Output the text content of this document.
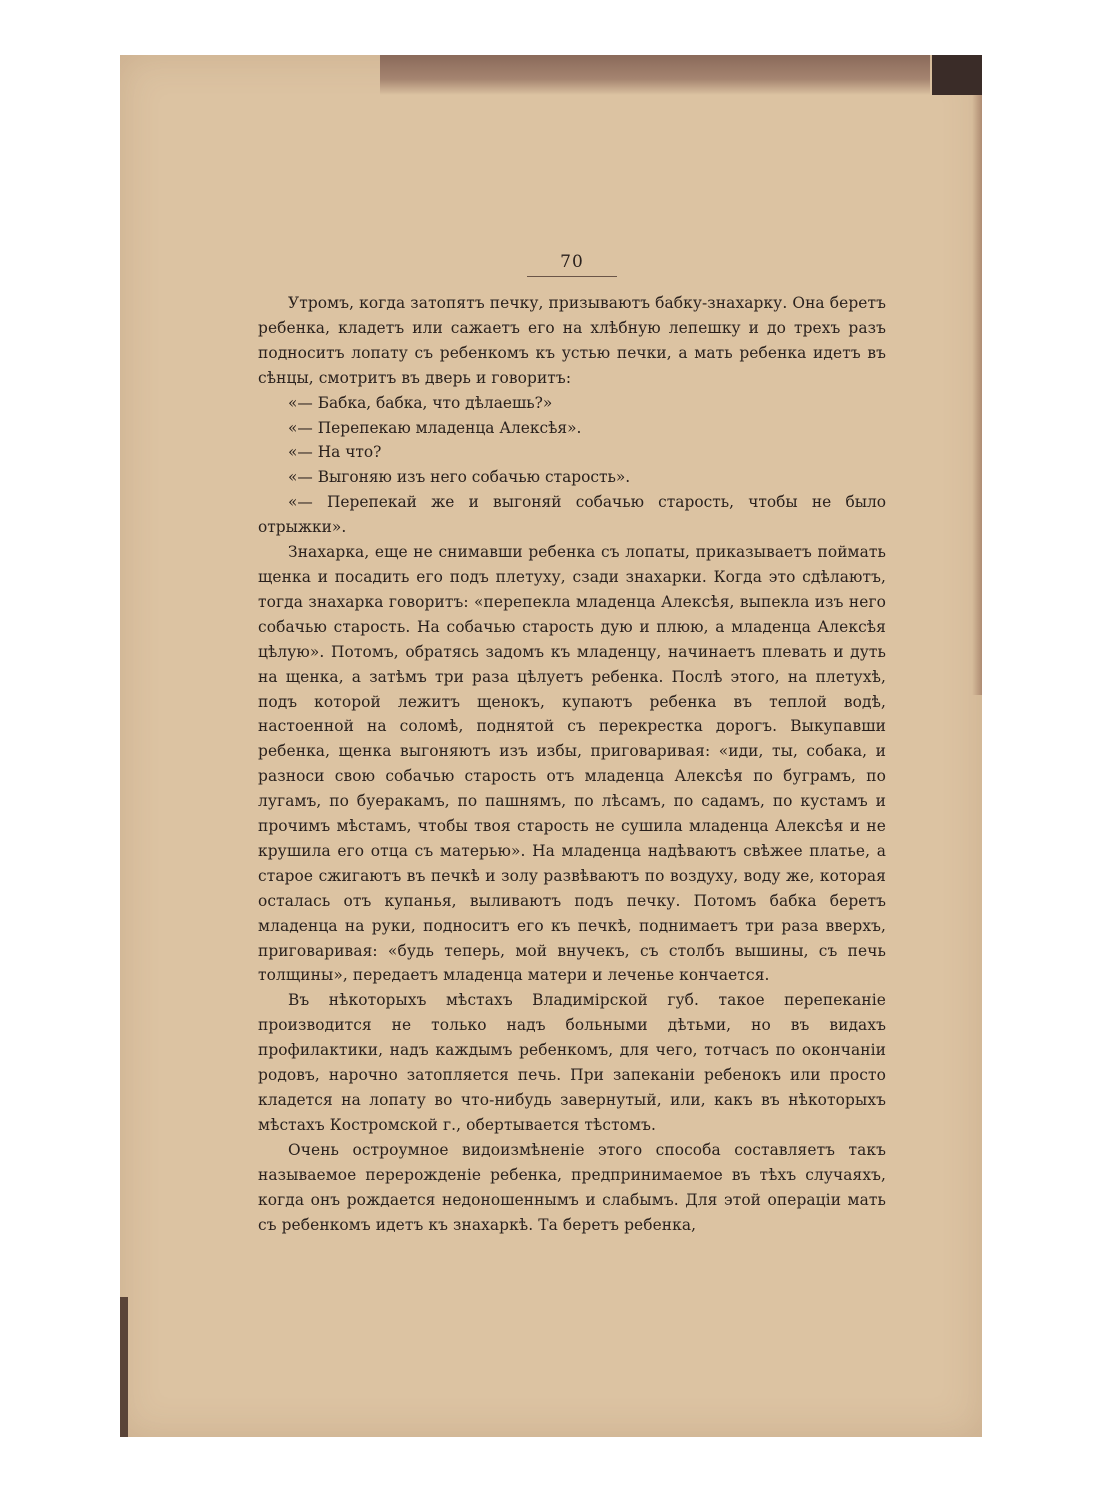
70

Утромъ, когда затопятъ печку, призываютъ бабку-знахарку. Она беретъ ребенка, кладетъ или сажаетъ его на хлѣбную лепешку и до трехъ разъ подноситъ лопату съ ребенкомъ къ устью печки, а мать ребенка идетъ въ сѣнцы, смотритъ въ дверь и говоритъ:

«— Бабка, бабка, что дѣлаешь?»

«— Перепекаю младенца Алексѣя».

«— На что?

«— Выгоняю изъ него собачью старость».

«— Перепекай же и выгоняй собачью старость, чтобы не было отрыжки».

Знахарка, еще не снимавши ребенка съ лопаты, приказываетъ поймать щенка и посадить его подъ плетуху, сзади знахарки. Когда это сдѣлаютъ, тогда знахарка говоритъ: «перепекла младенца Алексѣя, выпекла изъ него собачью старость. На собачью старость дую и плюю, а младенца Алексѣя цѣлую». Потомъ, обратясь задомъ къ младенцу, начинаетъ плевать и дуть на щенка, а затѣмъ три раза цѣлуетъ ребенка. Послѣ этого, на плетухѣ, подъ которой лежитъ щенокъ, купаютъ ребенка въ теплой водѣ, настоенной на соломѣ, поднятой съ перекрестка дорогъ. Выкупавши ребенка, щенка выгоняютъ изъ избы, приговаривая: «иди, ты, собака, и разноси свою собачью старость отъ младенца Алексѣя по буграмъ, по лугамъ, по буеракамъ, по пашнямъ, по лѣсамъ, по садамъ, по кустамъ и прочимъ мѣстамъ, чтобы твоя старость не сушила младенца Алексѣя и не крушила его отца съ матерью». На младенца надѣваютъ свѣжее платье, а старое сжигаютъ въ печкѣ и золу развѣваютъ по воздуху, воду же, которая осталась отъ купанья, выливаютъ подъ печку. Потомъ бабка беретъ младенца на руки, подноситъ его къ печкѣ, поднимаетъ три раза вверхъ, приговаривая: «будь теперь, мой внучекъ, съ столбъ вышины, съ печь толщины», передаетъ младенца матери и леченье кончается.

Въ нѣкоторыхъ мѣстахъ Владимірской губ. такое перепеканіе производится не только надъ больными дѣтьми, но въ видахъ профилактики, надъ каждымъ ребенкомъ, для чего, тотчасъ по окончаніи родовъ, нарочно затопляется печь. При запеканіи ребенокъ или просто кладется на лопату во что-нибудь завернутый, или, какъ въ нѣкоторыхъ мѣстахъ Костромской г., обертывается тѣстомъ.

Очень остроумное видоизмѣненіе этого способа составляетъ такъ называемое перерожденіе ребенка, предпринимаемое въ тѣхъ случаяхъ, когда онъ рождается недоношеннымъ и слабымъ. Для этой операціи мать съ ребенкомъ идетъ къ знахаркѣ. Та беретъ ребенка,
